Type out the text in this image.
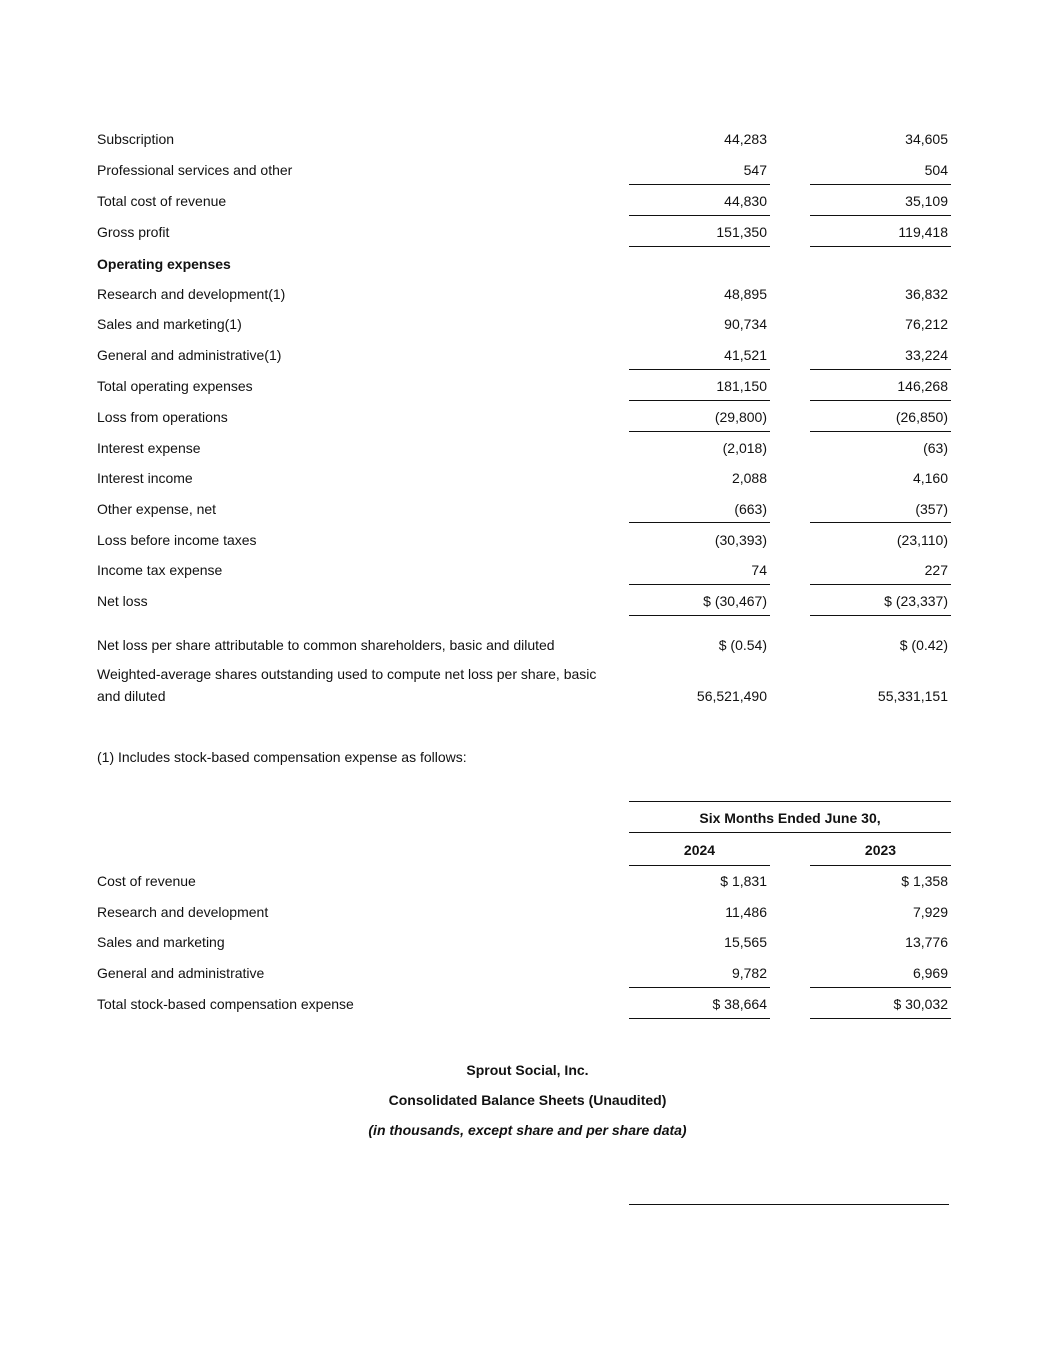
Subscription	44,283	34,605
Professional services and other	547	504
Total cost of revenue	44,830	35,109
Gross profit	151,350	119,418
Operating expenses
Research and development(1)	48,895	36,832
Sales and marketing(1)	90,734	76,212
General and administrative(1)	41,521	33,224
Total operating expenses	181,150	146,268
Loss from operations	(29,800)	(26,850)
Interest expense	(2,018)	(63)
Interest income	2,088	4,160
Other expense, net	(663)	(357)
Loss before income taxes	(30,393)	(23,110)
Income tax expense	74	227
Net loss	$ (30,467)	$ (23,337)
Net loss per share attributable to common shareholders, basic and diluted	$ (0.54)	$ (0.42)
Weighted-average shares outstanding used to compute net loss per share, basic
and diluted	56,521,490	55,331,151
(1) Includes stock-based compensation expense as follows:
Six Months Ended June 30,
2024	2023
Cost of revenue	$ 1,831	$ 1,358
Research and development	11,486	7,929
Sales and marketing	15,565	13,776
General and administrative	9,782	6,969
Total stock-based compensation expense	$ 38,664	$ 30,032
Sprout Social, Inc.
Consolidated Balance Sheets (Unaudited)
(in thousands, except share and per share data)
